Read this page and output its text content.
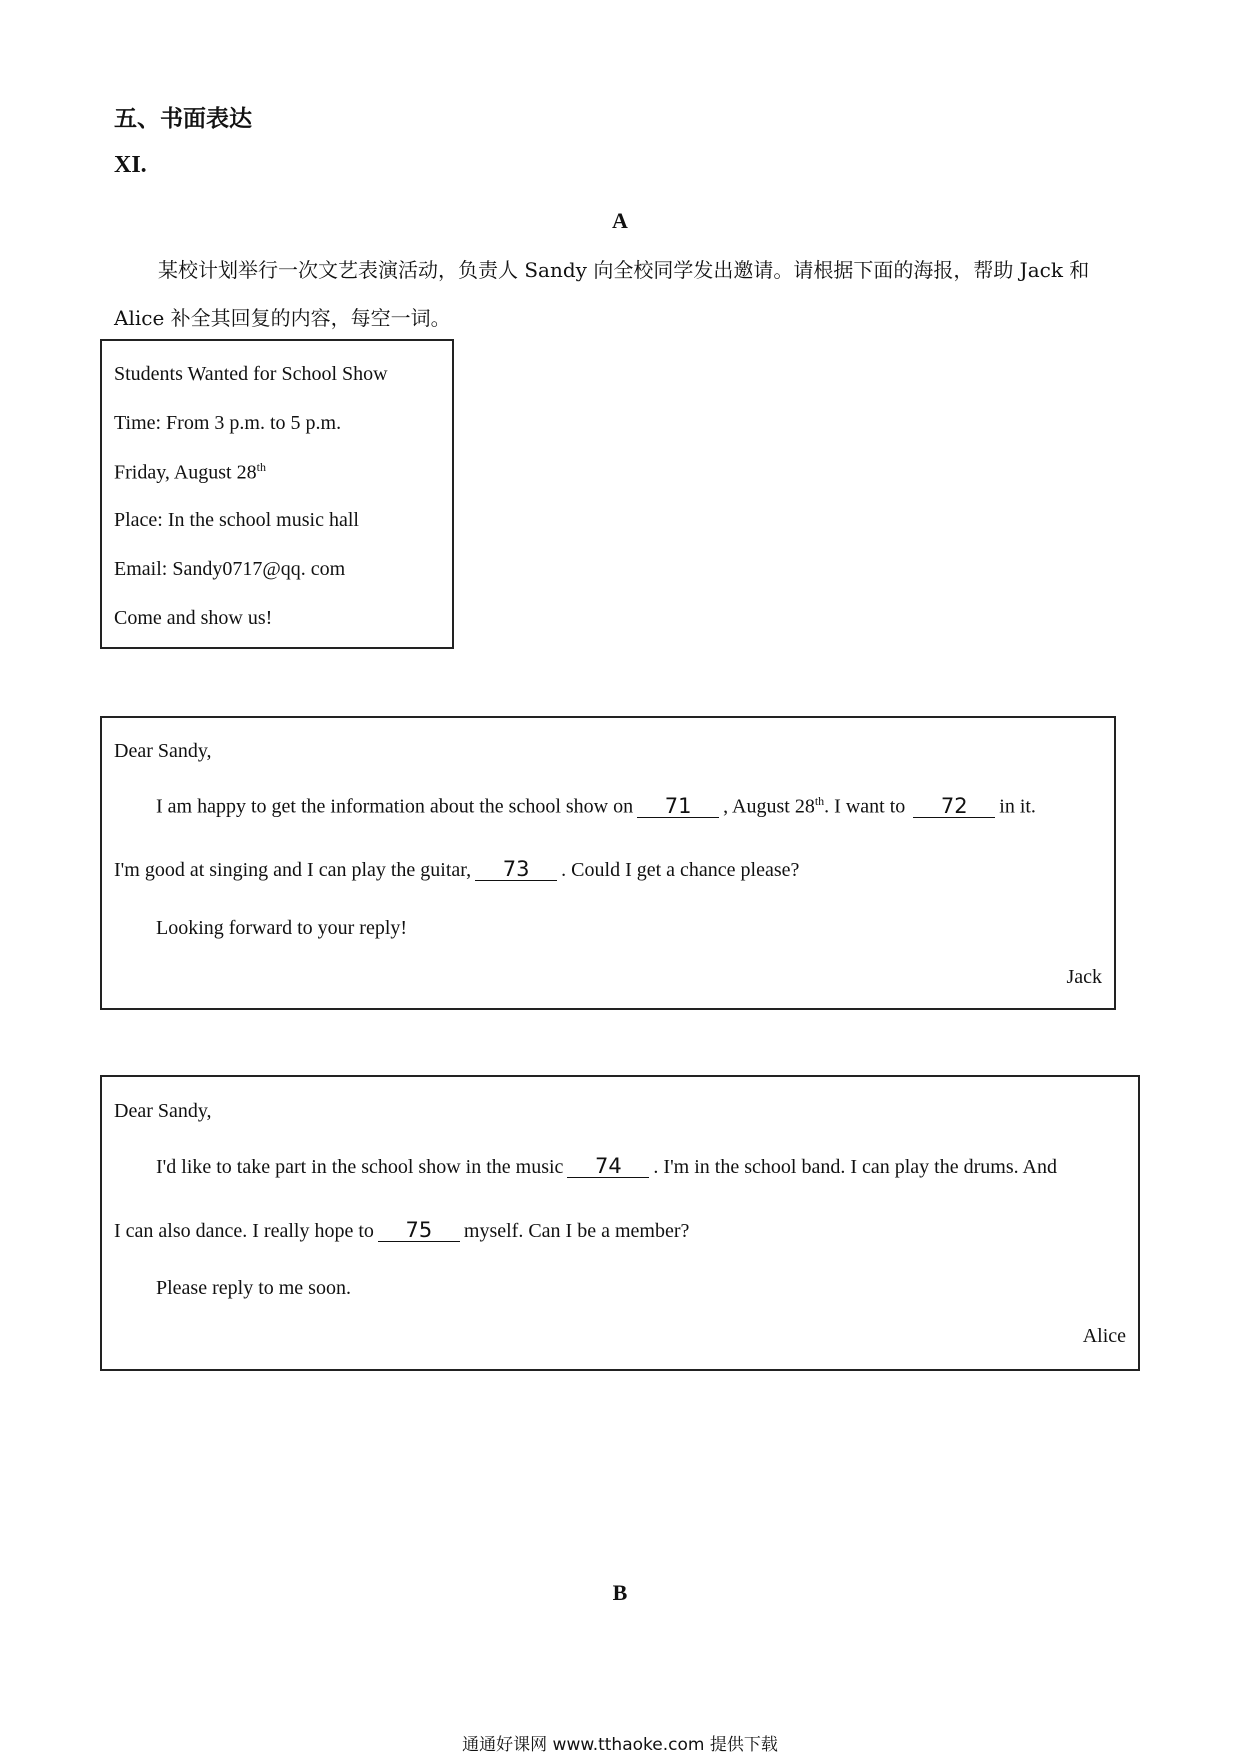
五、书面表达
XI.
A
某校计划举行一次文艺表演活动，负责人 Sandy 向全校同学发出邀请。请根据下面的海报，帮助 Jack 和 Alice 补全其回复的内容，每空一词。
Students Wanted for School Show
Time: From 3 p.m. to 5 p.m.
Friday, August 28th
Place: In the school music hall
Email: Sandy0717@qq. com
Come and show us!
Dear Sandy,
I am happy to get the information about the school show on 71 , August 28th. I want to 72 in it.
I'm good at singing and I can play the guitar, 73 . Could I get a chance please?
Looking forward to your reply!
Jack
Dear Sandy,
I'd like to take part in the school show in the music 74 . I'm in the school band. I can play the drums. And
I can also dance. I really hope to 75 myself. Can I be a member?
Please reply to me soon.
Alice
B
通通好课网 www.tthaoke.com 提供下载
